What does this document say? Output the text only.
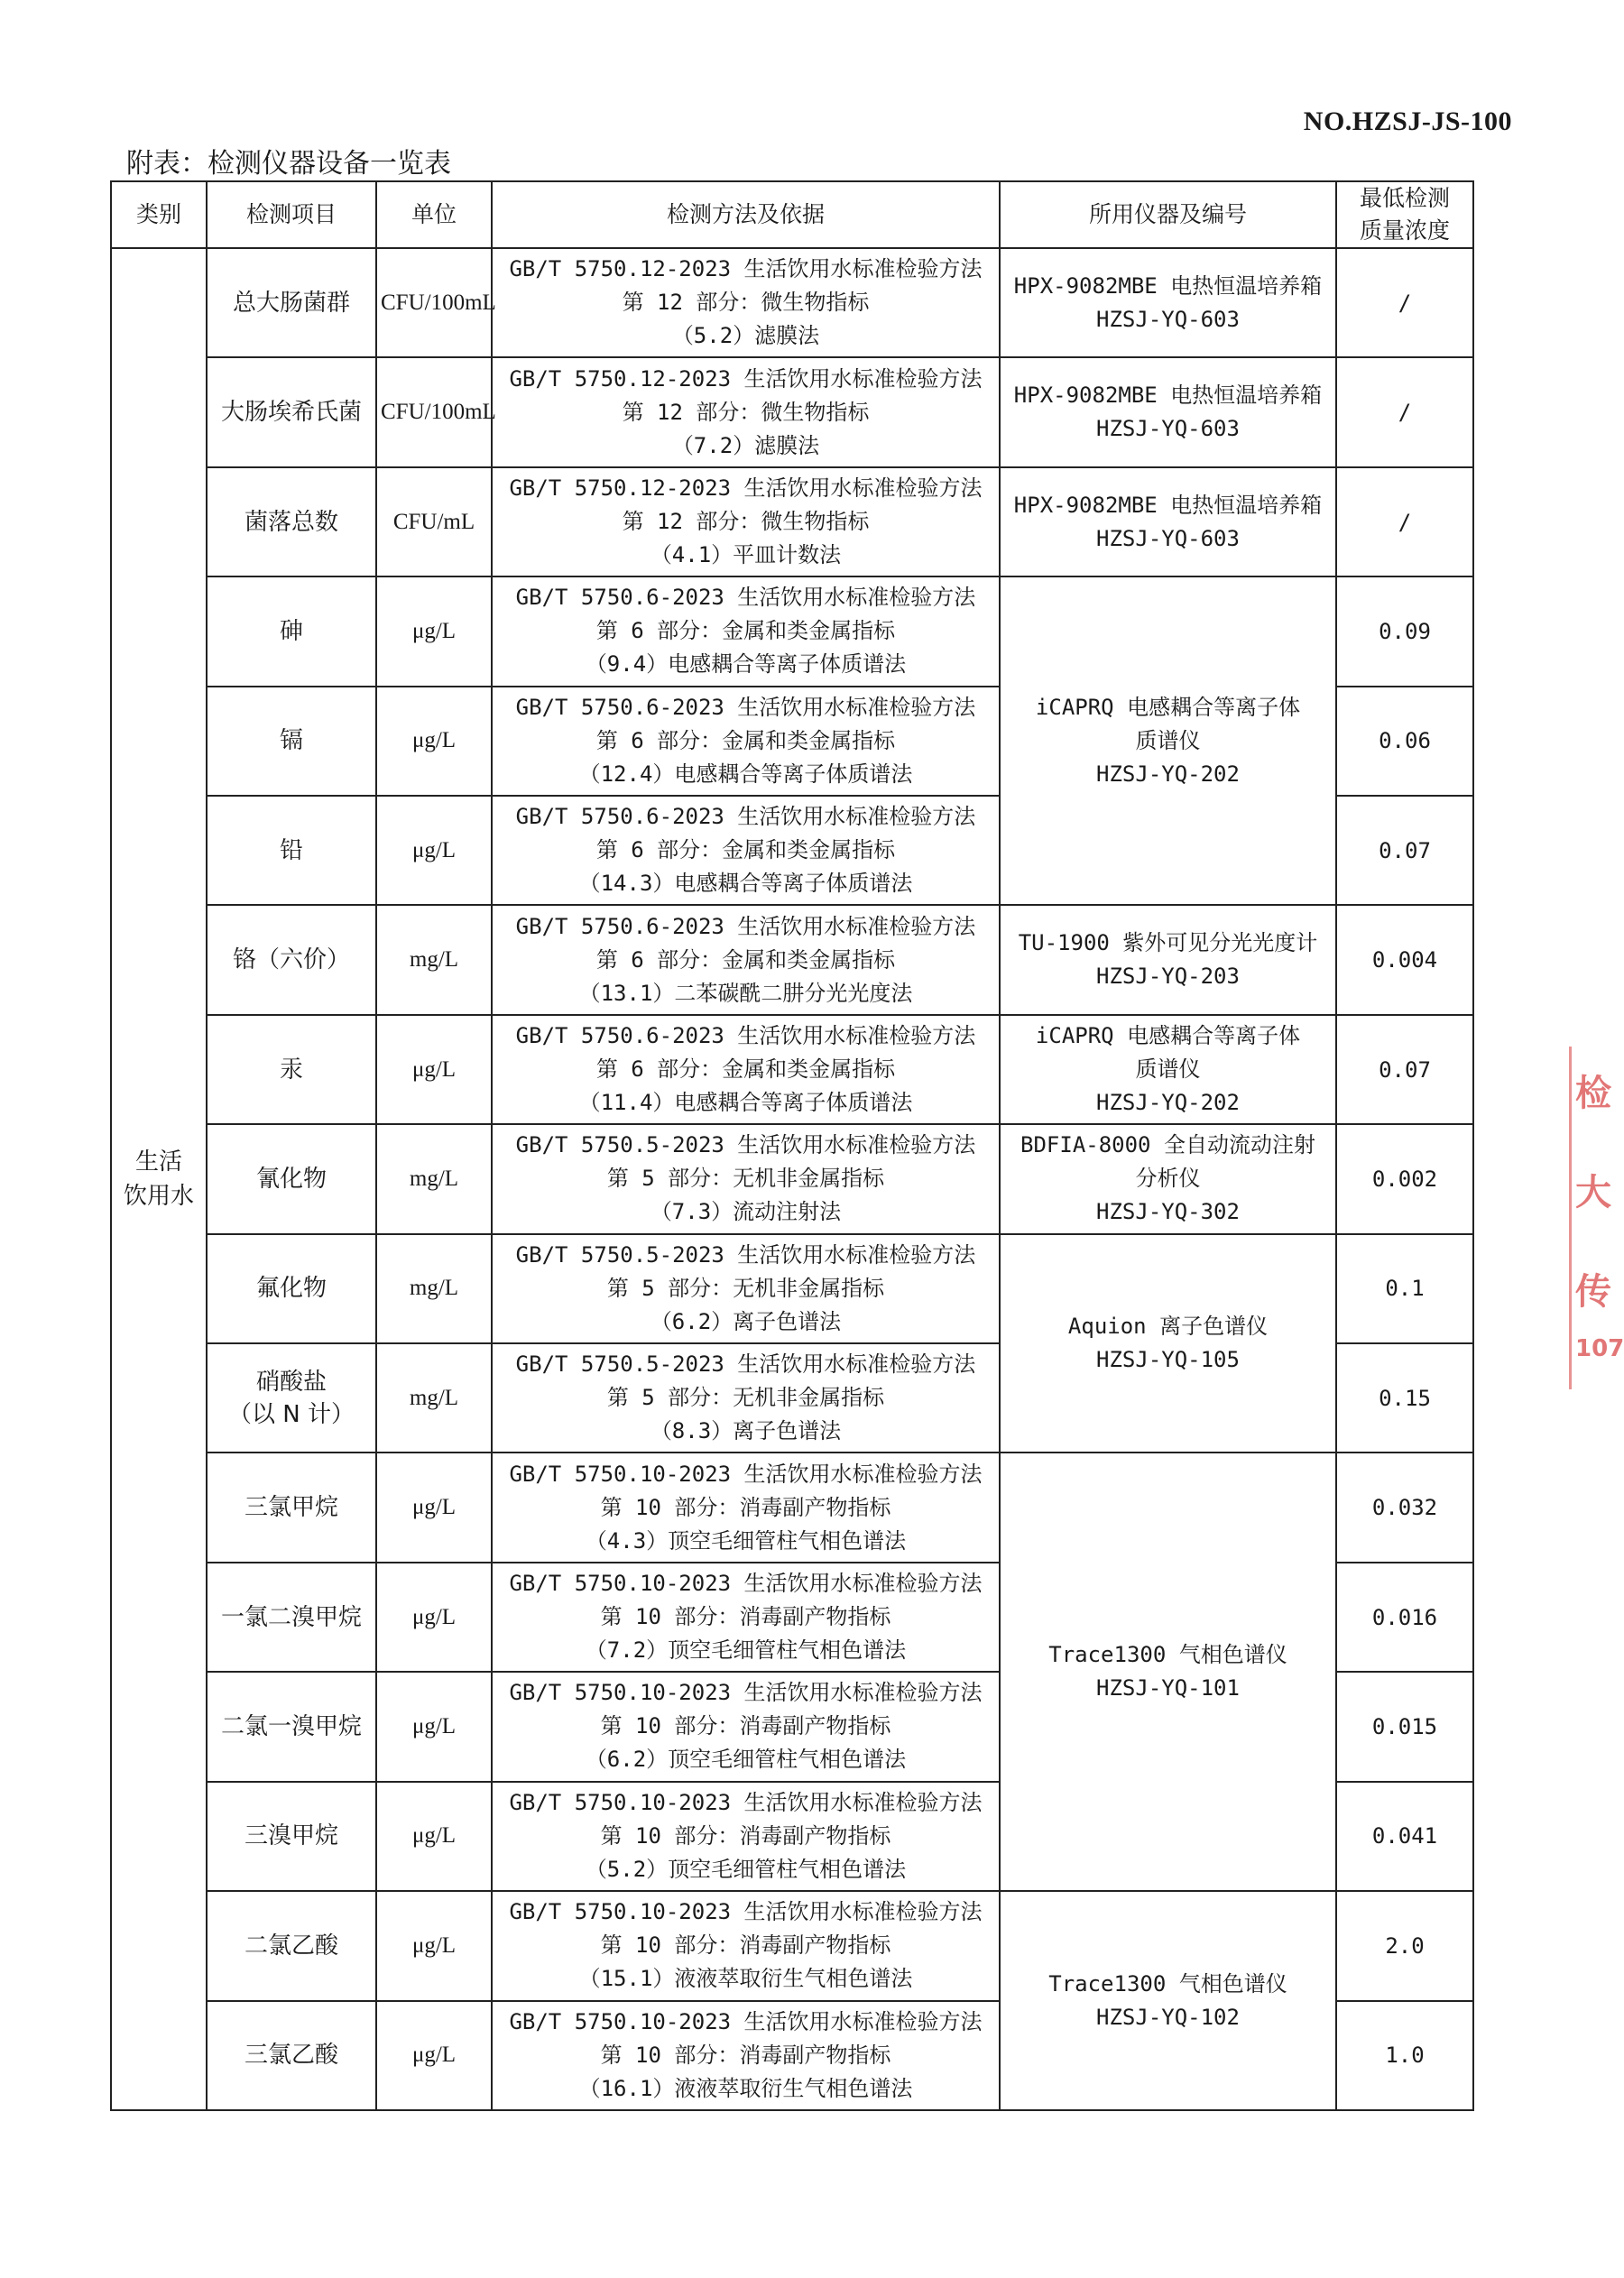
NO.HZSJ-JS-100
附表：检测仪器设备一览表
类别	检测项目	单位	检测方法及依据	所用仪器及编号	最低检测
质量浓度

生活
饮用水	总大肠菌群	CFU/100mL	GB/T 5750.12-2023 生活饮用水标准检验方法
第 12 部分：微生物指标
（5.2）滤膜法	HPX-9082MBE 电热恒温培养箱
HZSJ-YQ-603	/
	大肠埃希氏菌	CFU/100mL	GB/T 5750.12-2023 生活饮用水标准检验方法
第 12 部分：微生物指标
（7.2）滤膜法	HPX-9082MBE 电热恒温培养箱
HZSJ-YQ-603	/
	菌落总数	CFU/mL	GB/T 5750.12-2023 生活饮用水标准检验方法
第 12 部分：微生物指标
（4.1）平皿计数法	HPX-9082MBE 电热恒温培养箱
HZSJ-YQ-603	/
	砷	μg/L	GB/T 5750.6-2023 生活饮用水标准检验方法
第 6 部分：金属和类金属指标
（9.4）电感耦合等离子体质谱法	iCAPRQ 电感耦合等离子体
质谱仪
HZSJ-YQ-202	0.09
	镉	μg/L	GB/T 5750.6-2023 生活饮用水标准检验方法
第 6 部分：金属和类金属指标
（12.4）电感耦合等离子体质谱法		0.06
	铅	μg/L	GB/T 5750.6-2023 生活饮用水标准检验方法
第 6 部分：金属和类金属指标
（14.3）电感耦合等离子体质谱法		0.07
	铬（六价）	mg/L	GB/T 5750.6-2023 生活饮用水标准检验方法
第 6 部分：金属和类金属指标
（13.1）二苯碳酰二肼分光光度法	TU-1900 紫外可见分光光度计
HZSJ-YQ-203	0.004
	汞	μg/L	GB/T 5750.6-2023 生活饮用水标准检验方法
第 6 部分：金属和类金属指标
（11.4）电感耦合等离子体质谱法	iCAPRQ 电感耦合等离子体
质谱仪
HZSJ-YQ-202	0.07
	氰化物	mg/L	GB/T 5750.5-2023 生活饮用水标准检验方法
第 5 部分：无机非金属指标
（7.3）流动注射法	BDFIA-8000 全自动流动注射
分析仪
HZSJ-YQ-302	0.002
	氟化物	mg/L	GB/T 5750.5-2023 生活饮用水标准检验方法
第 5 部分：无机非金属指标
（6.2）离子色谱法	Aquion 离子色谱仪
HZSJ-YQ-105	0.1

	硝酸盐
（以 N 计）	mg/L	GB/T 5750.5-2023 生活饮用水标准检验方法
第 5 部分：无机非金属指标
（8.3）离子色谱法		0.15
	三氯甲烷	μg/L	GB/T 5750.10-2023 生活饮用水标准检验方法
第 10 部分：消毒副产物指标
（4.3）顶空毛细管柱气相色谱法	Trace1300 气相色谱仪
HZSJ-YQ-101	0.032
	一氯二溴甲烷	μg/L	GB/T 5750.10-2023 生活饮用水标准检验方法
第 10 部分：消毒副产物指标
（7.2）顶空毛细管柱气相色谱法		0.016
	二氯一溴甲烷	μg/L	GB/T 5750.10-2023 生活饮用水标准检验方法
第 10 部分：消毒副产物指标
（6.2）顶空毛细管柱气相色谱法		0.015
	三溴甲烷	μg/L	GB/T 5750.10-2023 生活饮用水标准检验方法
第 10 部分：消毒副产物指标
（5.2）顶空毛细管柱气相色谱法		0.041
	二氯乙酸	μg/L	GB/T 5750.10-2023 生活饮用水标准检验方法
第 10 部分：消毒副产物指标
（15.1）液液萃取衍生气相色谱法	Trace1300 气相色谱仪
HZSJ-YQ-102	2.0
	三氯乙酸	μg/L	GB/T 5750.10-2023 生活饮用水标准检验方法
第 10 部分：消毒副产物指标
（16.1）液液萃取衍生气相色谱法		1.0
检
大
传
107
